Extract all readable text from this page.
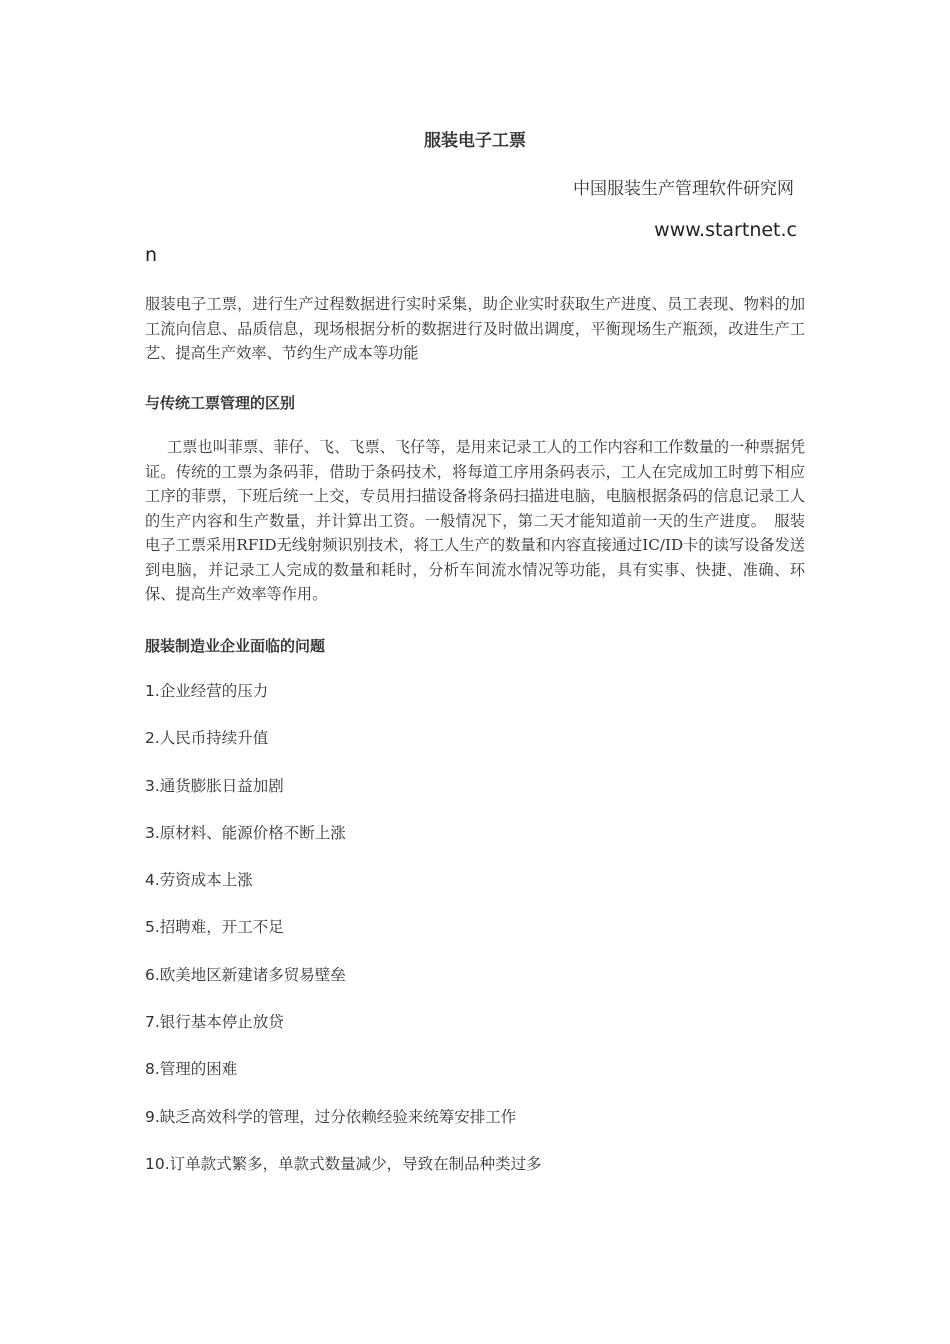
服装电子工票
中国服装生产管理软件研究网
www.startnet.c
n
服装电子工票，进行生产过程数据进行实时采集，助企业实时获取生产进度、员工表现、物料的加工流向信息、品质信息，现场根据分析的数据进行及时做出调度，平衡现场生产瓶颈，改进生产工艺、提高生产效率、节约生产成本等功能
与传统工票管理的区别
工票也叫菲票、菲仔、飞、飞票、飞仔等，是用来记录工人的工作内容和工作数量的一种票据凭证。传统的工票为条码菲，借助于条码技术，将每道工序用条码表示，工人在完成加工时剪下相应工序的菲票，下班后统一上交，专员用扫描设备将条码扫描进电脑，电脑根据条码的信息记录工人的生产内容和生产数量，并计算出工资。一般情况下，第二天才能知道前一天的生产进度。　服装电子工票采用RFID无线射频识别技术，将工人生产的数量和内容直接通过IC/ID卡的读写设备发送到电脑，并记录工人完成的数量和耗时，分析车间流水情况等功能，具有实事、快捷、准确、环保、提高生产效率等作用。
服装制造业企业面临的问题
1.企业经营的压力
2.人民币持续升值
3.通货膨胀日益加剧
3.原材料、能源价格不断上涨
4.劳资成本上涨
5.招聘难，开工不足
6.欧美地区新建诸多贸易壁垒
7.银行基本停止放贷
8.管理的困难
9.缺乏高效科学的管理，过分依赖经验来统筹安排工作
10.订单款式繁多，单款式数量减少，导致在制品种类过多
